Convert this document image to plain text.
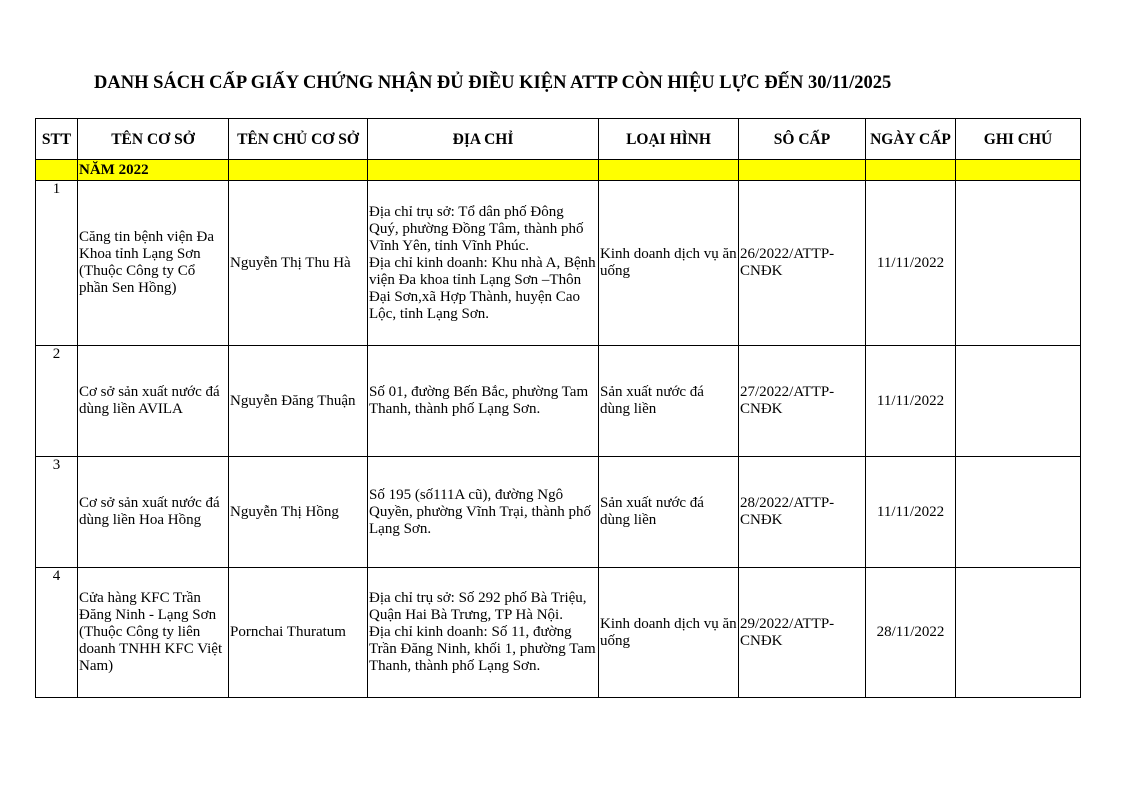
DANH SÁCH CẤP GIẤY CHỨNG NHẬN ĐỦ ĐIỀU KIỆN ATTP CÒN HIỆU LỰC ĐẾN 30/11/2025
STT	TÊN CƠ SỞ	TÊN CHỦ CƠ SỞ	ĐỊA CHỈ	LOẠI HÌNH	SÔ CẤP	NGÀY CẤP	GHI CHÚ
	NĂM 2022						
1	Căng tin bệnh viện Đa Khoa tỉnh Lạng Sơn (Thuộc Công ty Cổ phần Sen Hồng)	Nguyễn Thị Thu Hà	Địa chỉ trụ sở: Tổ dân phố Đông Quý, phường Đồng Tâm, thành phố Vĩnh Yên, tỉnh Vĩnh Phúc.
Địa chỉ kinh doanh: Khu nhà A, Bệnh viện Đa khoa tỉnh Lạng Sơn –Thôn Đại Sơn,xã Hợp Thành, huyện Cao Lộc, tỉnh Lạng Sơn.	Kinh doanh dịch vụ ăn uống	26/2022/ATTP-CNĐK	11/11/2022	
2	Cơ sở sản xuất nước đá dùng liền AVILA	Nguyễn Đăng Thuận	Số 01, đường Bến Bắc, phường Tam Thanh, thành phố Lạng Sơn.	Sản xuất nước đá dùng liền	27/2022/ATTP-CNĐK	11/11/2022	
3	Cơ sở sản xuất nước đá dùng liền Hoa Hồng	Nguyễn Thị Hồng	Số 195 (số111A cũ), đường Ngô Quyền, phường Vĩnh Trại, thành phố Lạng Sơn.	Sản xuất nước đá dùng liền	28/2022/ATTP-CNĐK	11/11/2022	
4	Cửa hàng KFC Trần Đăng Ninh - Lạng Sơn (Thuộc Công ty liên doanh TNHH KFC Việt Nam)	Pornchai Thuratum	Địa chỉ trụ sở: Số 292 phố Bà Triệu, Quận Hai Bà Trưng, TP Hà Nội.
Địa chỉ kinh doanh: Số 11, đường Trần Đăng Ninh, khối 1, phường Tam Thanh, thành phố Lạng Sơn.	Kinh doanh dịch vụ ăn uống	29/2022/ATTP-CNĐK	28/11/2022	
